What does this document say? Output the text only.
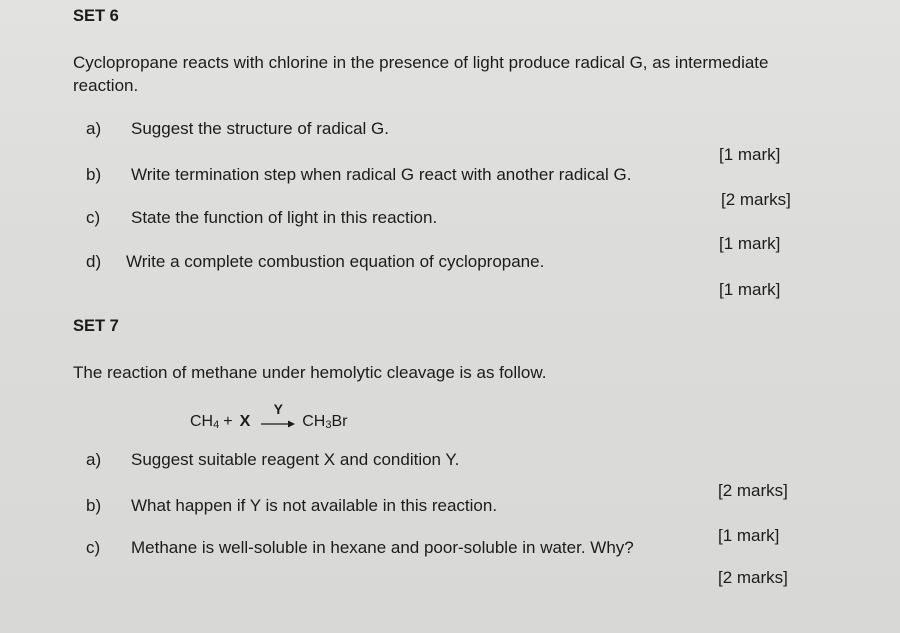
SET 6
Cyclopropane reacts with chlorine in the presence of light produce radical G, as intermediate
reaction.
a) Suggest the structure of radical G.
[1 mark]
b) Write termination step when radical G react with another radical G.
[2 marks]
c) State the function of light in this reaction.
[1 mark]
d) Write a complete combustion equation of cyclopropane.
[1 mark]
SET 7
The reaction of methane under hemolytic cleavage is as follow.
$CH_4 + X$
Y
$CH_3Br$
a) Suggest suitable reagent X and condition Y.
[2 marks]
b) What happen if Y is not available in this reaction.
[1 mark]
c) Methane is well-soluble in hexane and poor-soluble in water. Why?
[2 marks]
